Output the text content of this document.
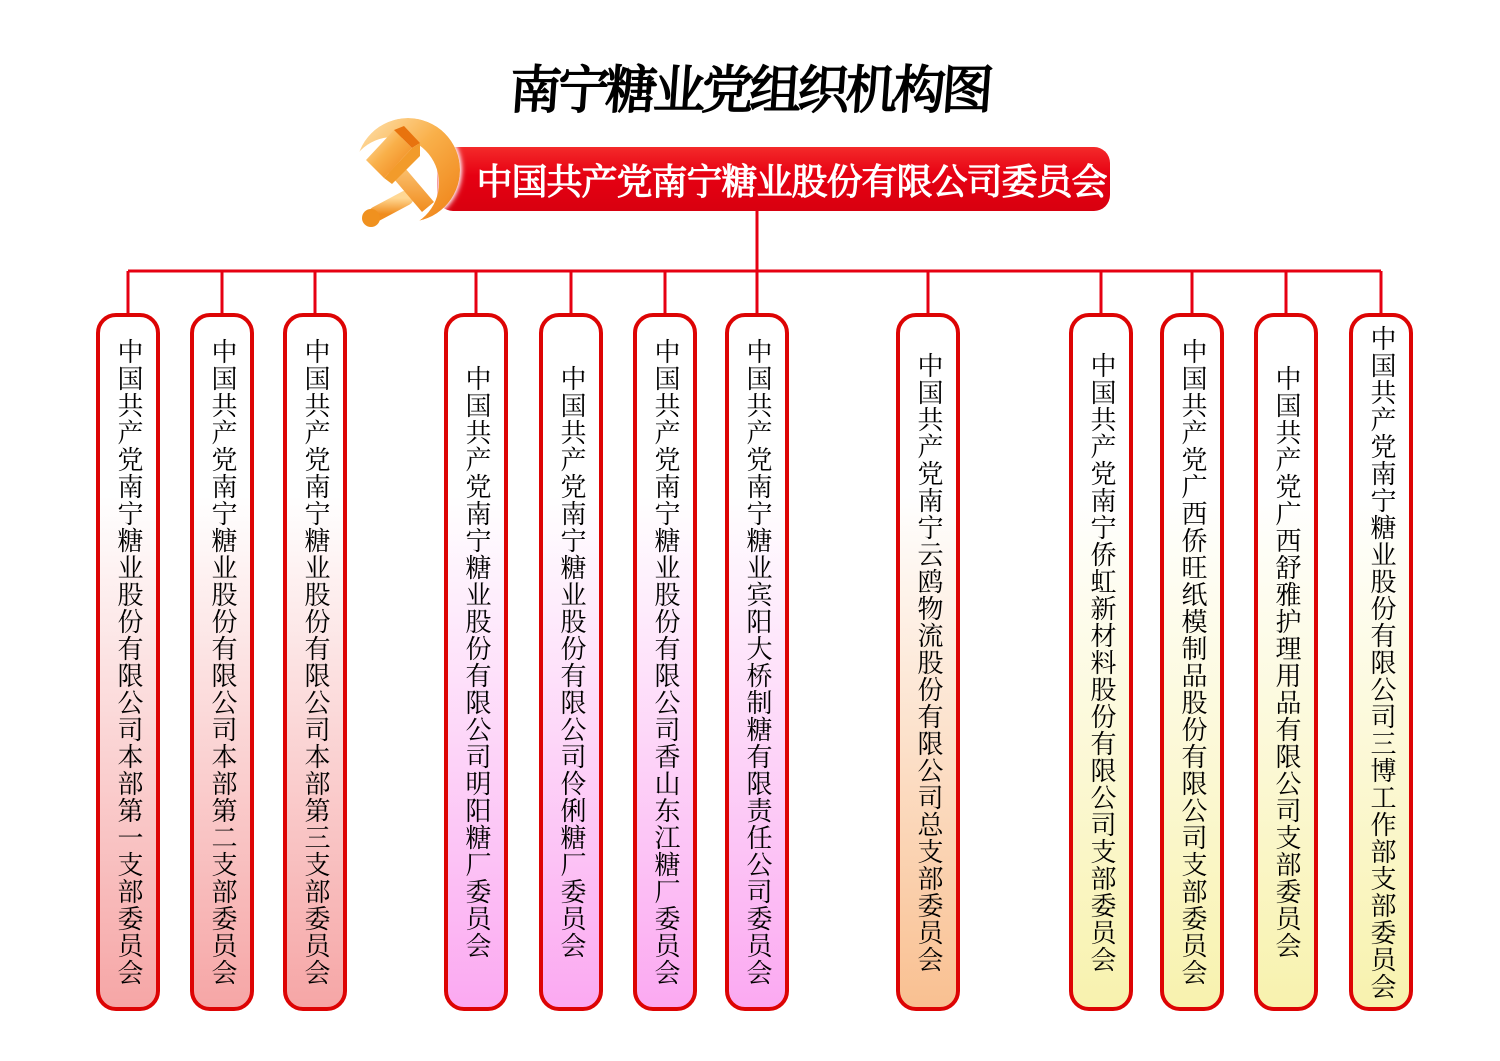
南宁糖业党组织机构图
中国共产党南宁糖业股份有限公司委员会
中国共产党南宁糖业股份有限公司本部第一支部委员会 中国共产党南宁糖业股份有限公司本部第二支部委员会 中国共产党南宁糖业股份有限公司本部第三支部委员会	中国共产党南宁糖业股份有限公司明阳糖厂委员会	中国共产党南宁糖业股份有限公司伶俐糖厂委员会 中国共产党南宁糖业股份有限公司香山东江糖厂委员会 中国共产党南宁糖业宾阳大桥制糖有限责任公司委员会	中国共产党南宁云鸥物流股份有限公司总支部委员会	中国共产党南宁侨虹新材料股份有限公司支部委员会 中国共产党广西侨旺纸模制品股份有限公司支部委员会 中国共产党广西舒雅护理用品有限公司支部委员会	中国共产党南宁糖业股份有限公司三博工作部支部委员会
